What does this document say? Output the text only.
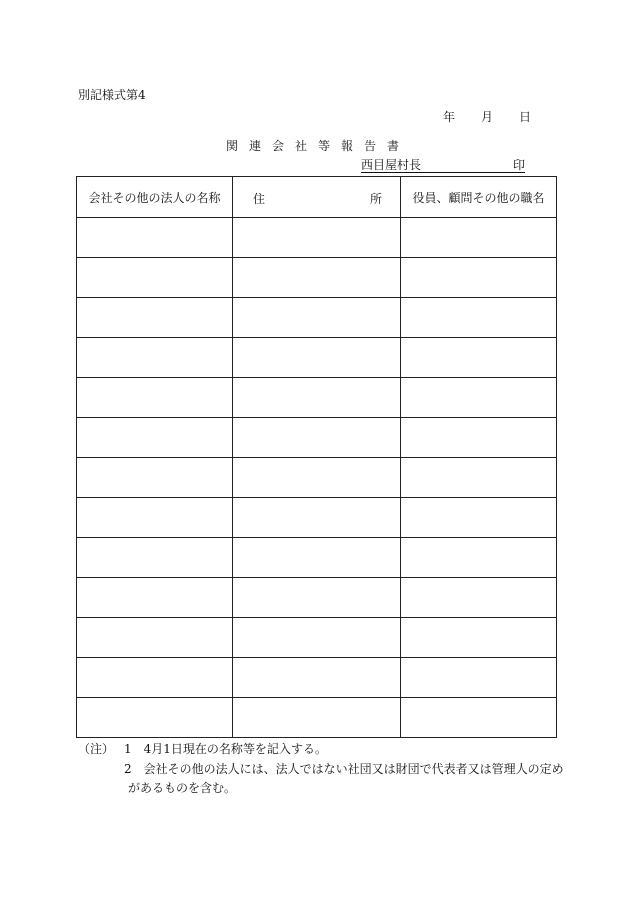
別記様式第4
年 月 日
関連会社等報告書
西目屋村長	印
会社その他の法人の名称	住 所	役員、顧問その他の職名

（注） 1　4月1日現在の名称等を記入する。
2　会社その他の法人には、法人ではない社団又は財団で代表者又は管理人の定め
があるものを含む。
